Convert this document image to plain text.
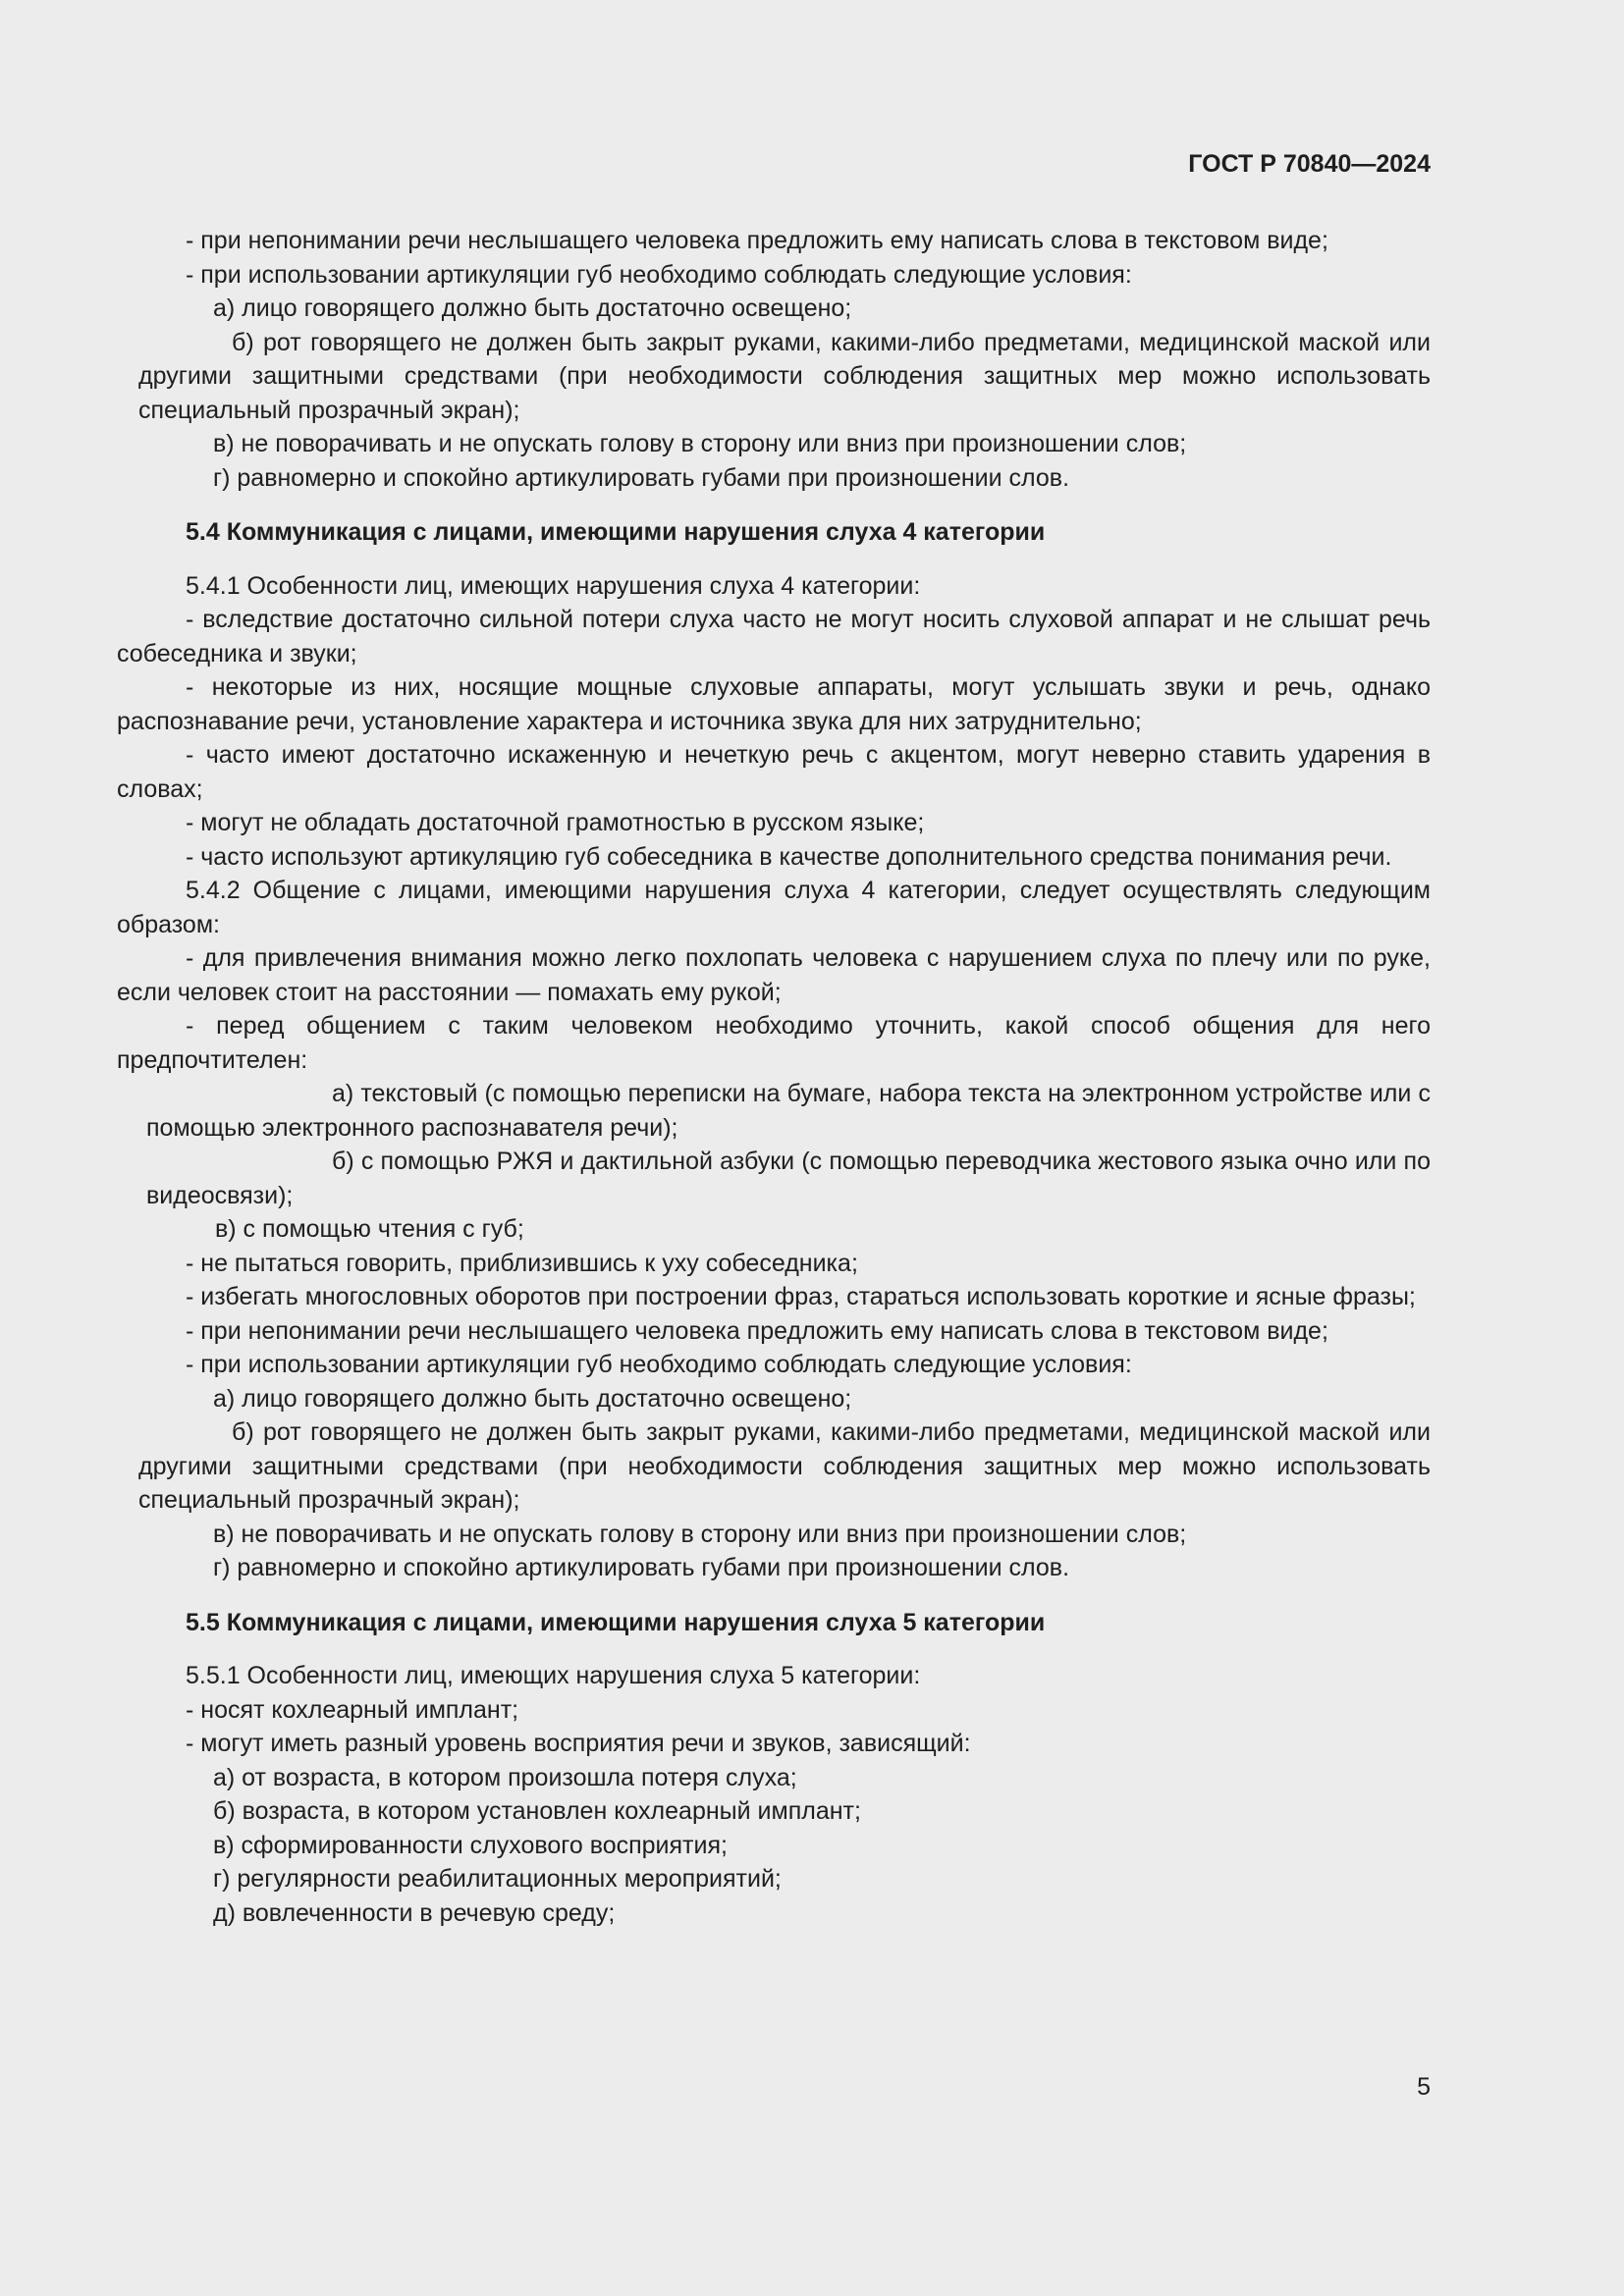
ГОСТ Р 70840—2024
- при непонимании речи неслышащего человека предложить ему написать слова в текстовом виде;
- при использовании артикуляции губ необходимо соблюдать следующие условия:
а) лицо говорящего должно быть достаточно освещено;
б) рот говорящего не должен быть закрыт руками, какими-либо предметами, медицинской маской или другими защитными средствами (при необходимости соблюдения защитных мер можно использовать специальный прозрачный экран);
в) не поворачивать и не опускать голову в сторону или вниз при произношении слов;
г) равномерно и спокойно артикулировать губами при произношении слов.
5.4 Коммуникация с лицами, имеющими нарушения слуха 4 категории
5.4.1 Особенности лиц, имеющих нарушения слуха 4 категории:
- вследствие достаточно сильной потери слуха часто не могут носить слуховой аппарат и не слышат речь собеседника и звуки;
- некоторые из них, носящие мощные слуховые аппараты, могут услышать звуки и речь, однако распознавание речи, установление характера и источника звука для них затруднительно;
- часто имеют достаточно искаженную и нечеткую речь с акцентом, могут неверно ставить ударения в словах;
- могут не обладать достаточной грамотностью в русском языке;
- часто используют артикуляцию губ собеседника в качестве дополнительного средства понимания речи.
5.4.2 Общение с лицами, имеющими нарушения слуха 4 категории, следует осуществлять следующим образом:
- для привлечения внимания можно легко похлопать человека с нарушением слуха по плечу или по руке, если человек стоит на расстоянии — помахать ему рукой;
- перед общением с таким человеком необходимо уточнить, какой способ общения для него предпочтителен:
а) текстовый (с помощью переписки на бумаге, набора текста на электронном устройстве или с помощью электронного распознавателя речи);
б) с помощью РЖЯ и дактильной азбуки (с помощью переводчика жестового языка очно или по видеосвязи);
в) с помощью чтения с губ;
- не пытаться говорить, приблизившись к уху собеседника;
- избегать многословных оборотов при построении фраз, стараться использовать короткие и ясные фразы;
- при непонимании речи неслышащего человека предложить ему написать слова в текстовом виде;
- при использовании артикуляции губ необходимо соблюдать следующие условия:
а) лицо говорящего должно быть достаточно освещено;
б) рот говорящего не должен быть закрыт руками, какими-либо предметами, медицинской маской или другими защитными средствами (при необходимости соблюдения защитных мер можно использовать специальный прозрачный экран);
в) не поворачивать и не опускать голову в сторону или вниз при произношении слов;
г) равномерно и спокойно артикулировать губами при произношении слов.
5.5 Коммуникация с лицами, имеющими нарушения слуха 5 категории
5.5.1 Особенности лиц, имеющих нарушения слуха 5 категории:
- носят кохлеарный имплант;
- могут иметь разный уровень восприятия речи и звуков, зависящий:
а) от возраста, в котором произошла потеря слуха;
б) возраста, в котором установлен кохлеарный имплант;
в) сформированности слухового восприятия;
г) регулярности реабилитационных мероприятий;
д) вовлеченности в речевую среду;
5
